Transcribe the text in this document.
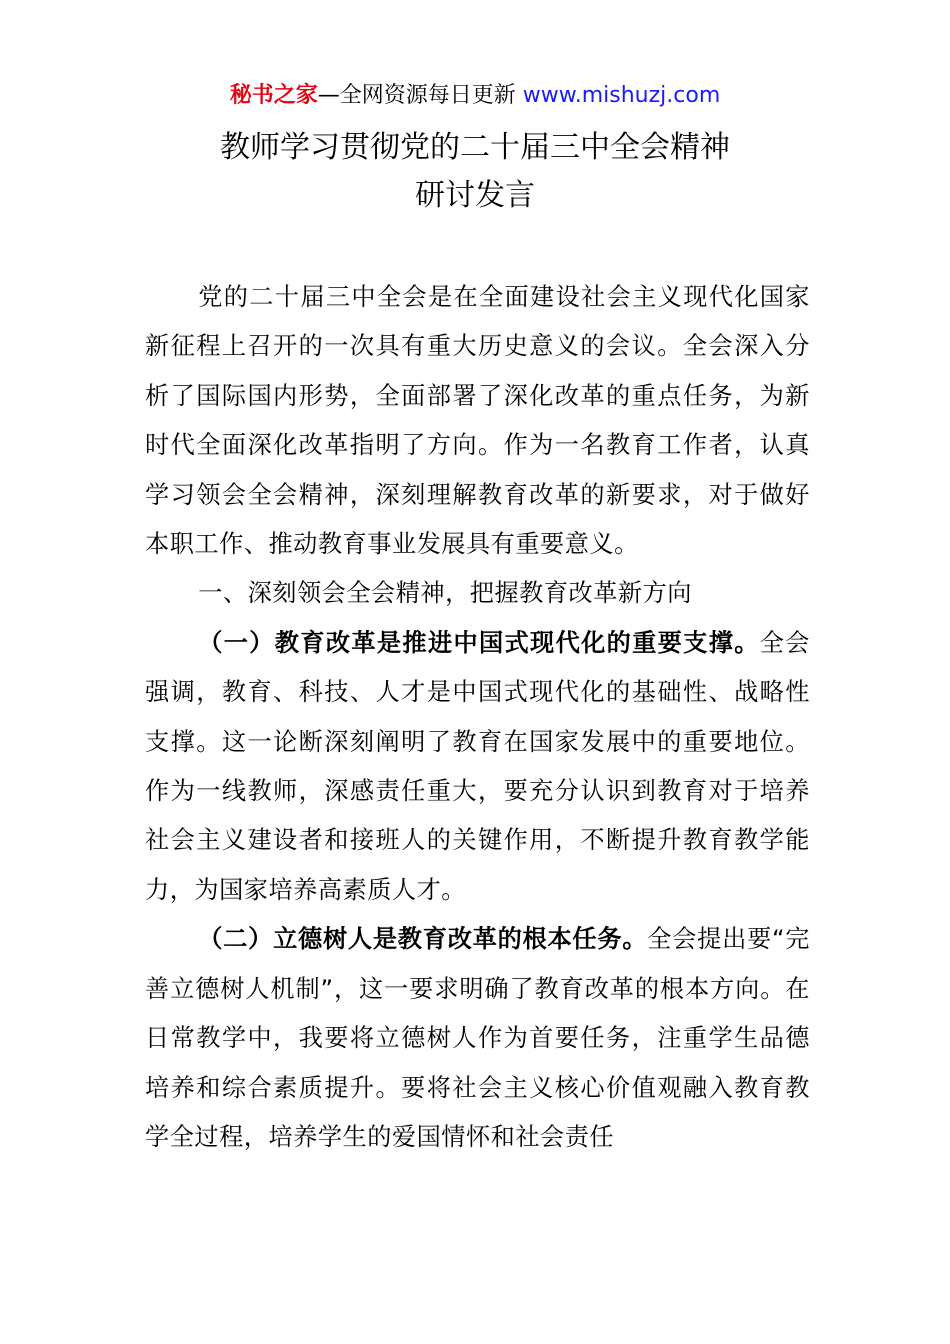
秘书之家—全网资源每日更新 www.mishuzj.com
教师学习贯彻党的二十届三中全会精神
研讨发言

党的二十届三中全会是在全面建设社会主义现代化国家新征程上召开的一次具有重大历史意义的会议。全会深入分析了国际国内形势，全面部署了深化改革的重点任务，为新时代全面深化改革指明了方向。作为一名教育工作者，认真学习领会全会精神，深刻理解教育改革的新要求，对于做好本职工作、推动教育事业发展具有重要意义。

一、深刻领会全会精神，把握教育改革新方向

（一）教育改革是推进中国式现代化的重要支撑。全会强调，教育、科技、人才是中国式现代化的基础性、战略性支撑。这一论断深刻阐明了教育在国家发展中的重要地位。作为一线教师，深感责任重大，要充分认识到教育对于培养社会主义建设者和接班人的关键作用，不断提升教育教学能力，为国家培养高素质人才。

（二）立德树人是教育改革的根本任务。全会提出要“完善立德树人机制”，这一要求明确了教育改革的根本方向。在日常教学中，我要将立德树人作为首要任务，注重学生品德培养和综合素质提升。要将社会主义核心价值观融入教育教学全过程，培养学生的爱国情怀和社会责任
